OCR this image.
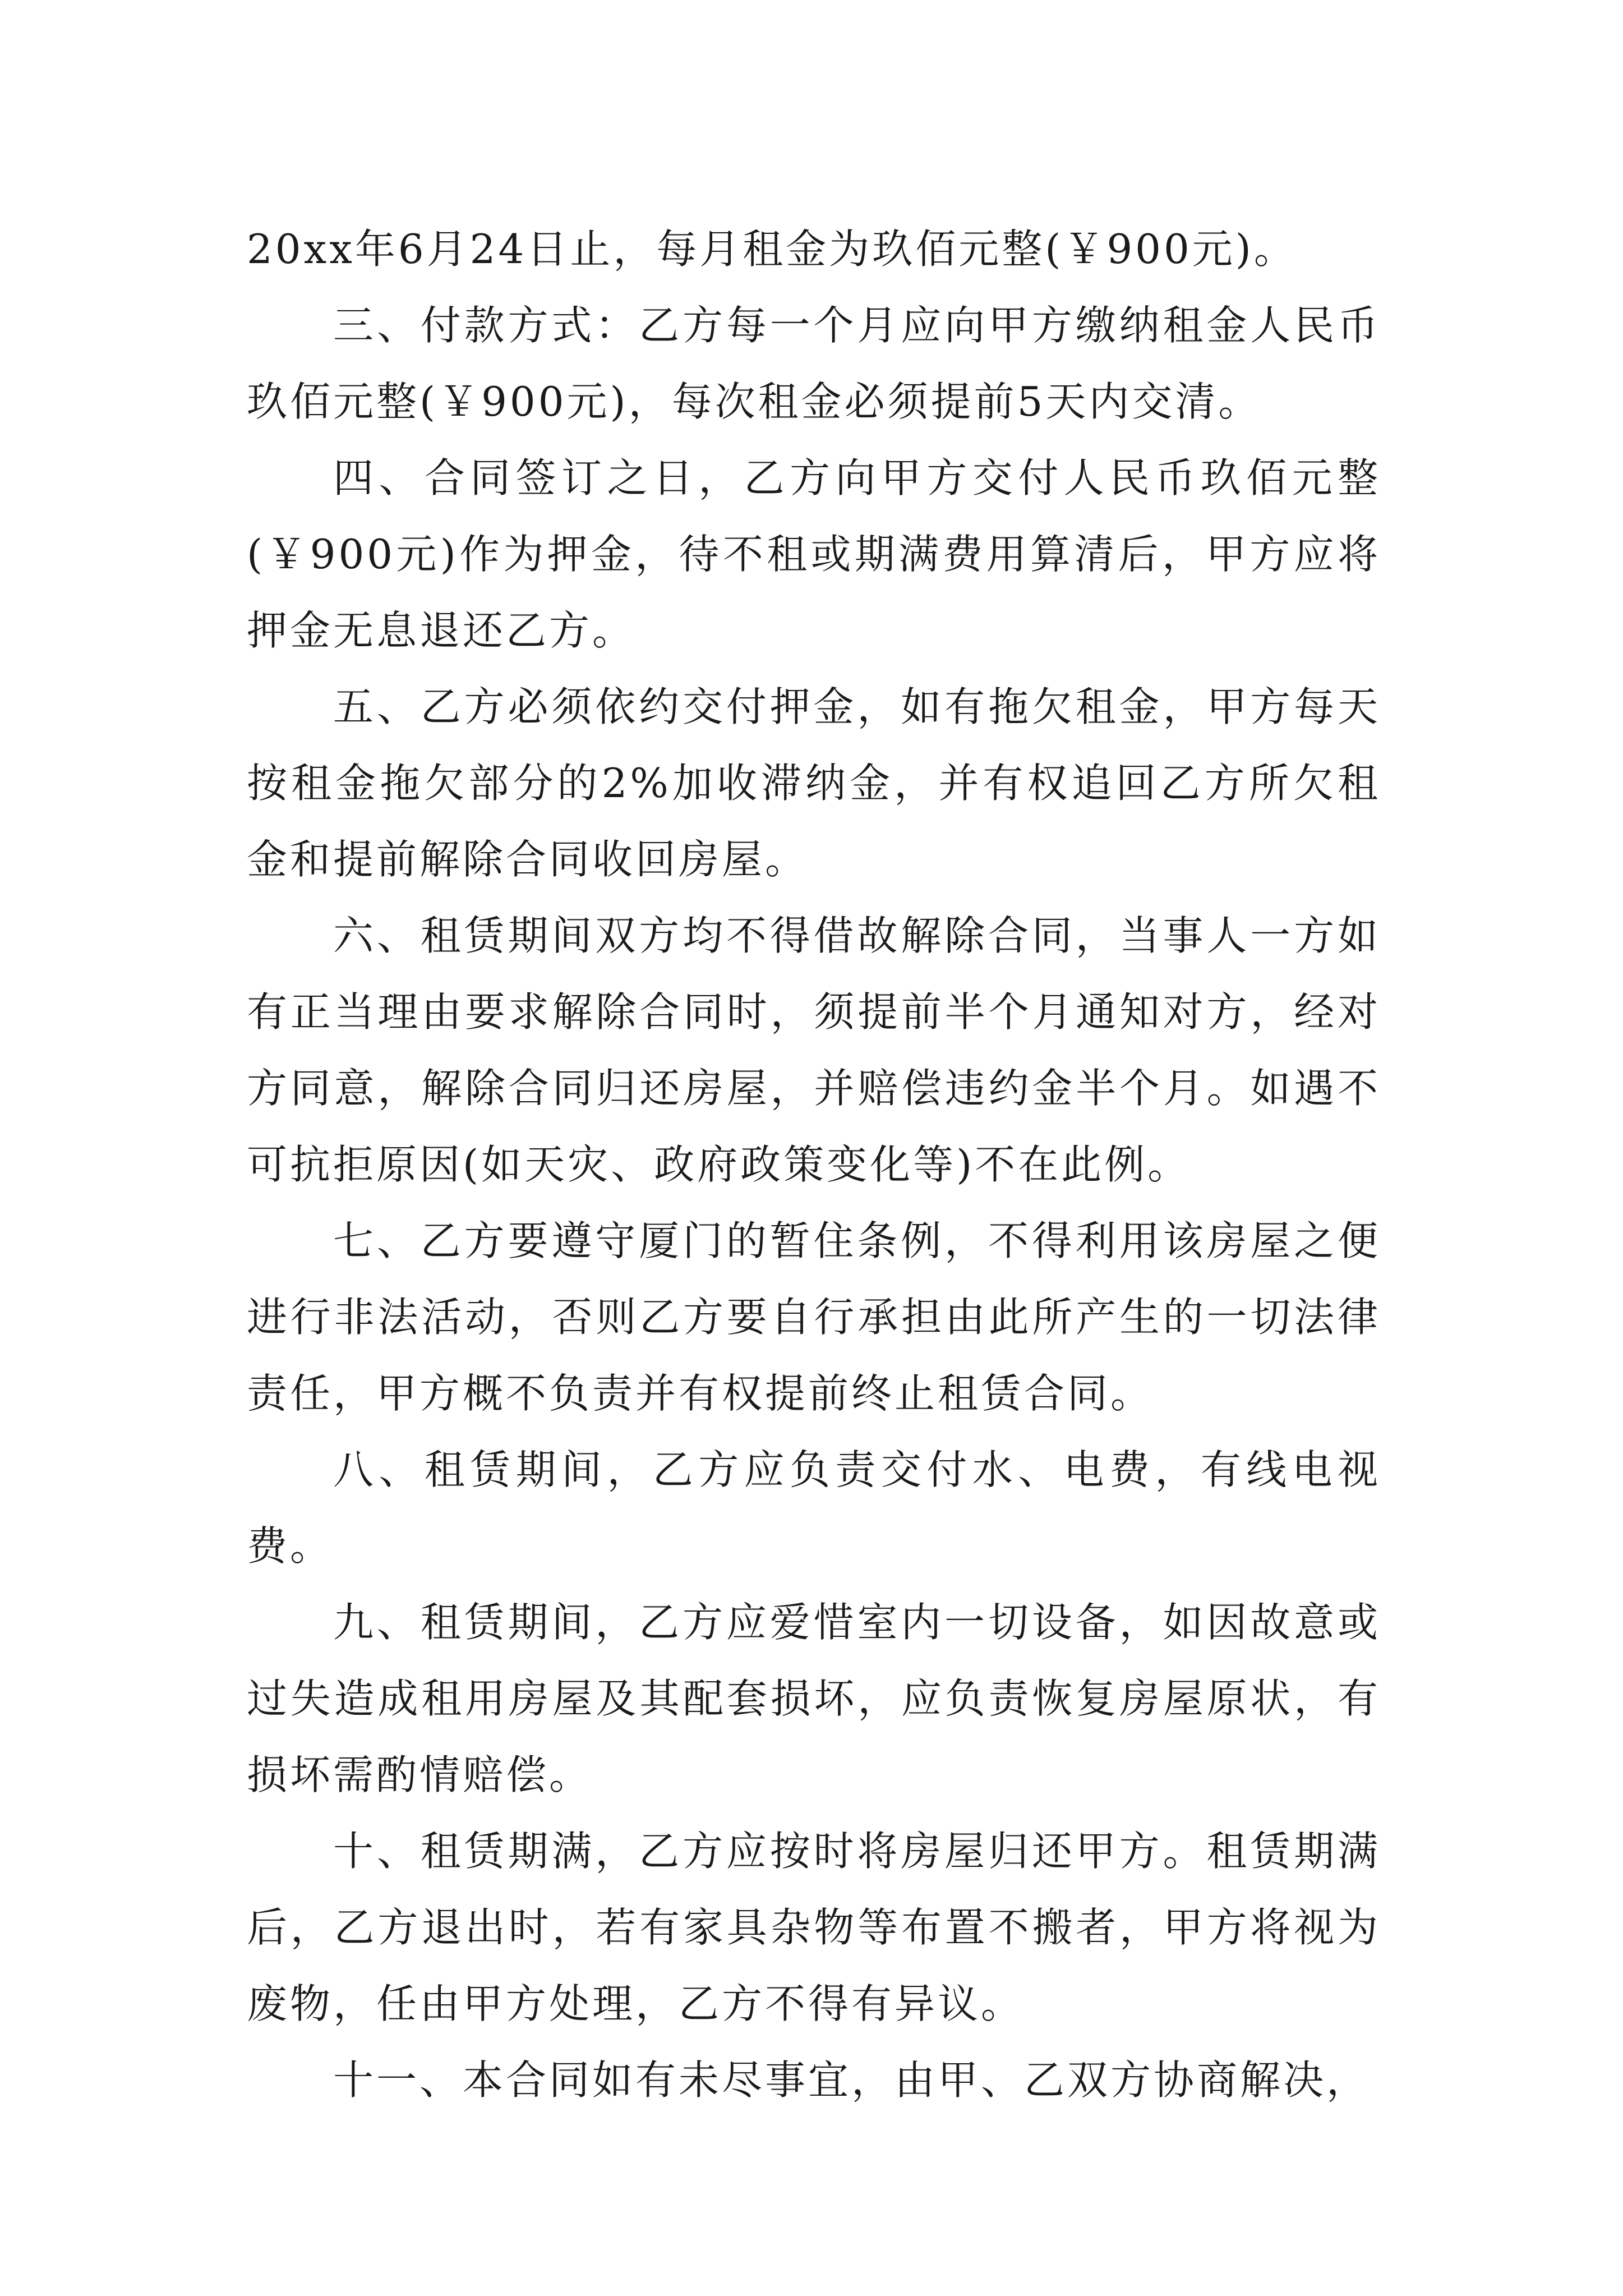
20xx年6月24日止，每月租金为玖佰元整(￥900元)。

三、付款方式：乙方每一个月应向甲方缴纳租金人民币玖佰元整(￥900元)，每次租金必须提前5天内交清。

四、合同签订之日，乙方向甲方交付人民币玖佰元整(￥900元)作为押金，待不租或期满费用算清后，甲方应将押金无息退还乙方。

五、乙方必须依约交付押金，如有拖欠租金，甲方每天按租金拖欠部分的2%加收滞纳金，并有权追回乙方所欠租金和提前解除合同收回房屋。

六、租赁期间双方均不得借故解除合同，当事人一方如有正当理由要求解除合同时，须提前半个月通知对方，经对方同意，解除合同归还房屋，并赔偿违约金半个月。如遇不可抗拒原因(如天灾、政府政策变化等)不在此例。

七、乙方要遵守厦门的暂住条例，不得利用该房屋之便进行非法活动，否则乙方要自行承担由此所产生的一切法律责任，甲方概不负责并有权提前终止租赁合同。

八、租赁期间，乙方应负责交付水、电费，有线电视费。

九、租赁期间，乙方应爱惜室内一切设备，如因故意或过失造成租用房屋及其配套损坏，应负责恢复房屋原状，有损坏需酌情赔偿。

十、租赁期满，乙方应按时将房屋归还甲方。租赁期满后，乙方退出时，若有家具杂物等布置不搬者，甲方将视为废物，任由甲方处理，乙方不得有异议。

十一、本合同如有未尽事宜，由甲、乙双方协商解决，
